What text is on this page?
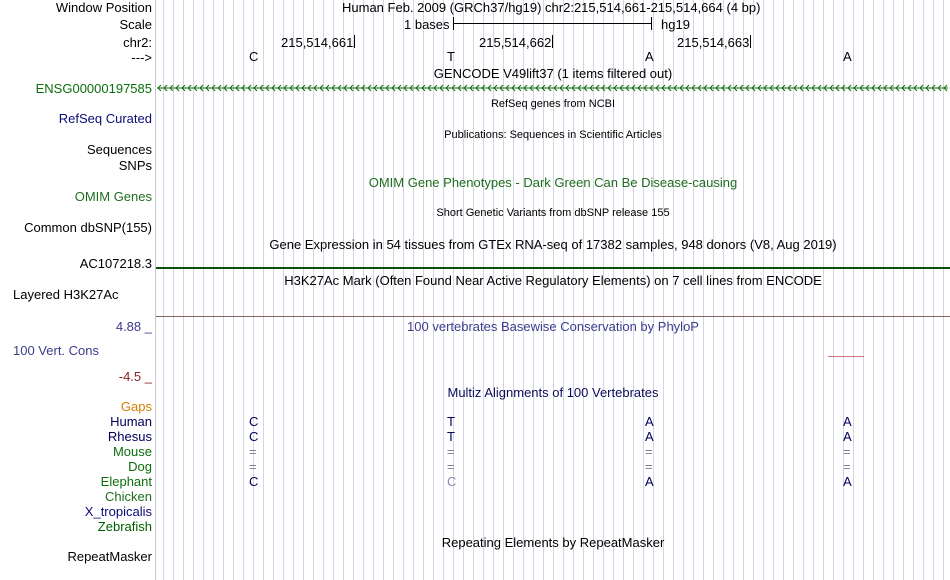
Window Position	Human Feb. 2009 (GRCh37/hg19) chr2:215,514,661-215,514,664 (4 bp)
Scale	1 bases	hg19
chr2:	215,514,661	215,514,662	215,514,663
--->	C	T	A	A
GENCODE V49lift37 (1 items filtered out)
ENSG00000197585
RefSeq genes from NCBI
RefSeq Curated
Publications: Sequences in Scientific Articles
Sequences
SNPs
OMIM Gene Phenotypes - Dark Green Can Be Disease-causing
OMIM Genes
Short Genetic Variants from dbSNP release 155
Common dbSNP(155)
Gene Expression in 54 tissues from GTEx RNA-seq of 17382 samples, 948 donors (V8, Aug 2019)
AC107218.3
H3K27Ac Mark (Often Found Near Active Regulatory Elements) on 7 cell lines from ENCODE
Layered H3K27Ac
4.88 _	100 vertebrates Basewise Conservation by PhyloP
100 Vert. Cons
-4.5 _
Multiz Alignments of 100 Vertebrates
Gaps
Human	C	T	A	A
Rhesus	C	T	A	A
Mouse	=	=	=	=
Dog	=	=	=	=
Elephant	C	C	A	A
Chicken
X_tropicalis
Zebrafish
Repeating Elements by RepeatMasker
RepeatMasker
